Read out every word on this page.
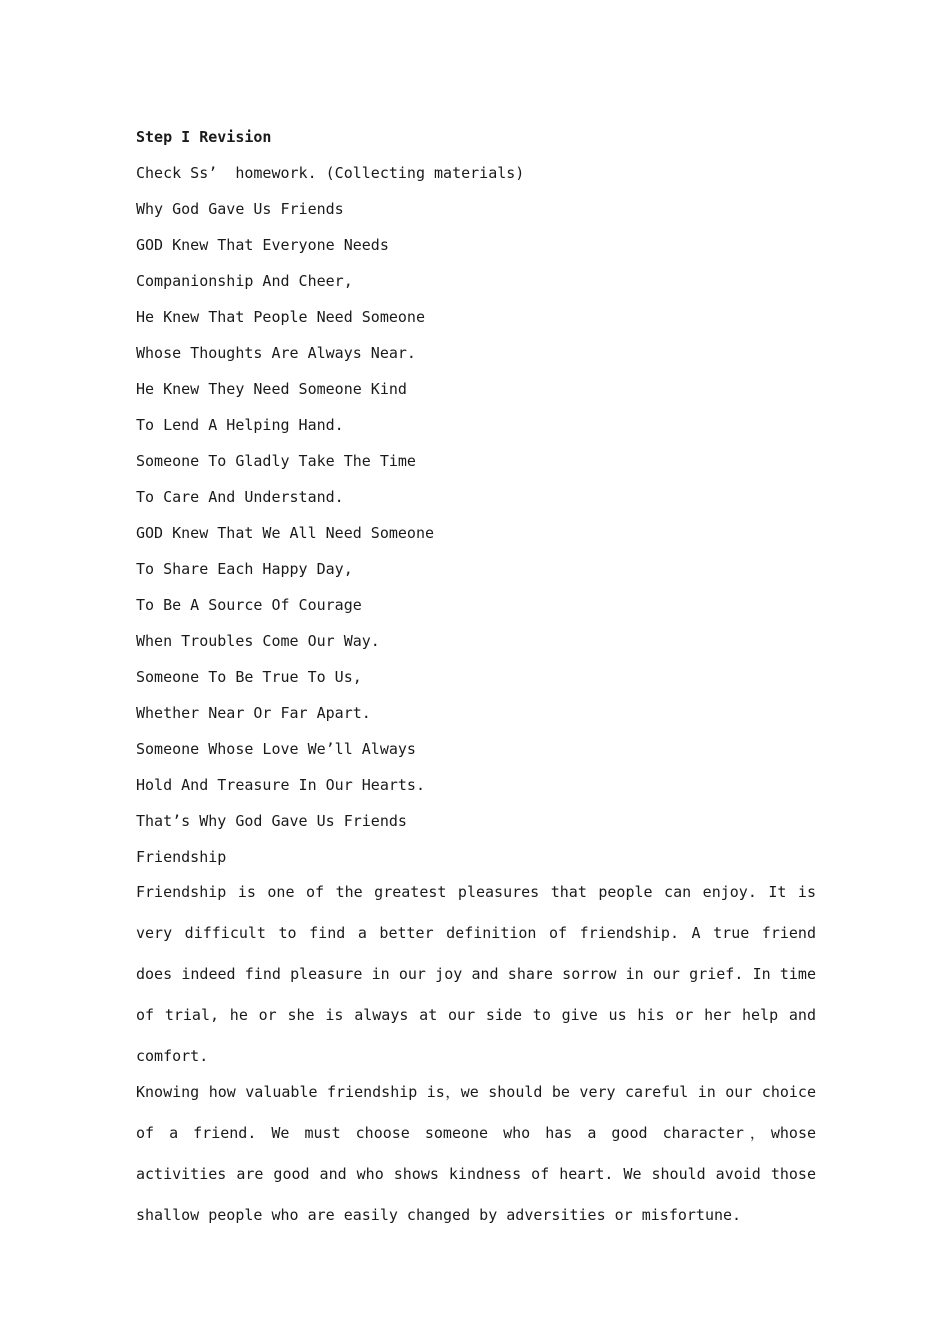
Step I Revision
Check Ss’  homework. (Collecting materials)
Why God Gave Us Friends
GOD Knew That Everyone Needs
Companionship And Cheer,
He Knew That People Need Someone
Whose Thoughts Are Always Near.
He Knew They Need Someone Kind
To Lend A Helping Hand.
Someone To Gladly Take The Time
To Care And Understand.
GOD Knew That We All Need Someone
To Share Each Happy Day,
To Be A Source Of Courage
When Troubles Come Our Way.
Someone To Be True To Us,
Whether Near Or Far Apart.
Someone Whose Love We’ll Always
Hold And Treasure In Our Hearts.
That’s Why God Gave Us Friends
Friendship

Friendship is one of the greatest pleasures that people can enjoy. It is very difficult to find a better definition of friendship. A true friend does indeed find pleasure in our joy and share sorrow in our grief. In time of trial, he or she is always at our side to give us his or her help and comfort.

Knowing how valuable friendship is，we should be very careful in our choice of a friend. We must choose someone who has a good character，whose activities are good and who shows kindness of heart. We should avoid those shallow people who are easily changed by adversities or misfortune.
